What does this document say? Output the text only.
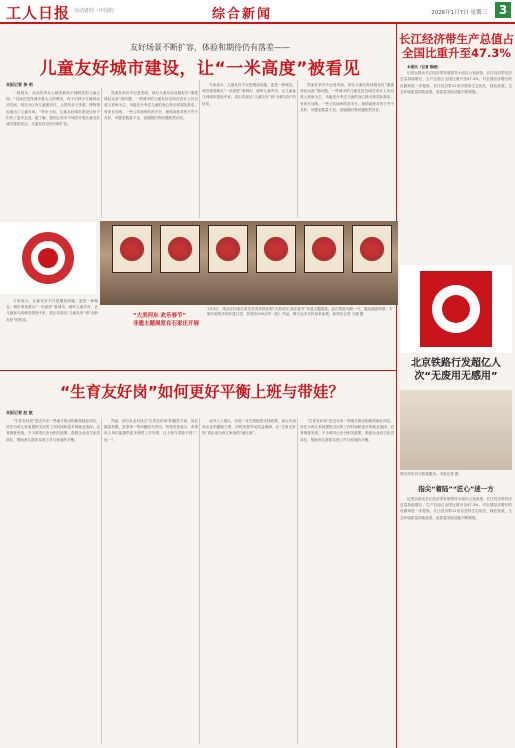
工人日报 劳动者的 · 中国的	综合新闻	2026年1月7日 星期三 3
友好场景不断扩容，体验和期待仍有落差——
儿童友好城市建设，让“一米高度”被看见
本报记者 参 明

一到周末，北京的李女士就带着孩子到附近的儿童公园。“以前总觉得城市是大人的城市，孩子们缺少专属的活动空间，现在小区有儿童游乐区，公园有亲子步道，博物馆也推出了儿童专场。”李女士说，儿童友好城市建设让孩子们有了更多去处。据了解，我国已有多个城市开展儿童友好城市建设试点，儿童友好空间不断扩容。

然而在采访中记者发现，部分儿童友好设施存在“重建设轻运营”的问题，一些城市的儿童友好空间在设计上仍以成人视角为主，未能充分考虑儿童的身心特点和实际需求。有家长反映，一些公共场所的洗手台、座椅高度对孩子并不友好，母婴室数量不足、设施陈旧等问题依然存在。

专家表示，儿童友好不仅是增加设施，更是一种理念。城市规划要从“一米高度”看城市，倾听儿童声音，让儿童参与到城市建设中来，真正实现从“儿童友好”到“全龄友好”的转变。

然而在采访中记者发现，部分儿童友好设施存在“重建设轻运营”的问题，一些城市的儿童友好空间在设计上仍以成人视角为主，未能充分考虑儿童的身心特点和实际需求。有家长反映，一些公共场所的洗手台、座椅高度对孩子并不友好，母婴室数量不足、设施陈旧等问题依然存在。

专家表示，儿童友好不仅是增加设施，更是一种理念。城市规划要从“一米高度”看城市，倾听儿童声音，让儿童参与到城市建设中来，真正实现从“儿童友好”到“全龄友好”的转变。

“大美河东 欢乐春节”
非遗主题展览在石家庄开展
1月5日，观众在河北石家庄市美术馆参观“大美河东 欢乐春节”非遗主题展览。此次展览为期一月，展品涵盖剪纸、木版年画等多种非遗门类，共展出200余件（组）作品，吸引众多市民前来参观。新华社记者 王晓 摄
“生育友好岗”如何更好平衡上班与带娃？
本报记者 赵 航

“生育友好岗”是近年来一些地方推出的新型就业岗位，旨在为育儿家庭提供灵活的工作时间和更多的就业选择。记者调查发现，不少城市已出台相关政策，鼓励企业设立此类岗位，帮助育儿群体实现工作与家庭的平衡。

然而，部分企业对设立“生育友好岗”积极性不高，岗位数量有限、类型单一等问题较为突出。有受访者表示，希望用人单位能提供更多弹性工作安排，让上班与带娃不再“二选一”。

业内人士建议，应进一步完善配套支持政策，加大对设岗企业的激励力度，同时加强劳动权益保障，让“生育友好岗”真正成为育儿家庭的“减压阀”。

“生育友好岗”是近年来一些地方推出的新型就业岗位，旨在为育儿家庭提供灵活的工作时间和更多的就业选择。记者调查发现，不少城市已出台相关政策，鼓励企业设立此类岗位，帮助育儿群体实现工作与家庭的平衡。

长江经济带生产总值占全国比重升至47.3%

本报讯（记者 陈晓）

记者从推动长江经济带发展领导小组办公室获悉，长江经济带经济总量持续增长，生产总值占全国比重升至47.3%，对全国经济增长的贡献率进一步提高。长江经济带11省市坚持生态优先、绿色发展，生态环境质量持续改善，高质量发展动能不断增强。

北京铁路行发超亿人次“无废用无感用”
图为列车员为旅客服务。本报记者 摄
指尖“着陆”“匠心”迷一方

记者从推动长江经济带发展领导小组办公室获悉，长江经济带经济总量持续增长，生产总值占全国比重升至47.3%，对全国经济增长的贡献率进一步提高。长江经济带11省市坚持生态优先、绿色发展，生态环境质量持续改善，高质量发展动能不断增强。
